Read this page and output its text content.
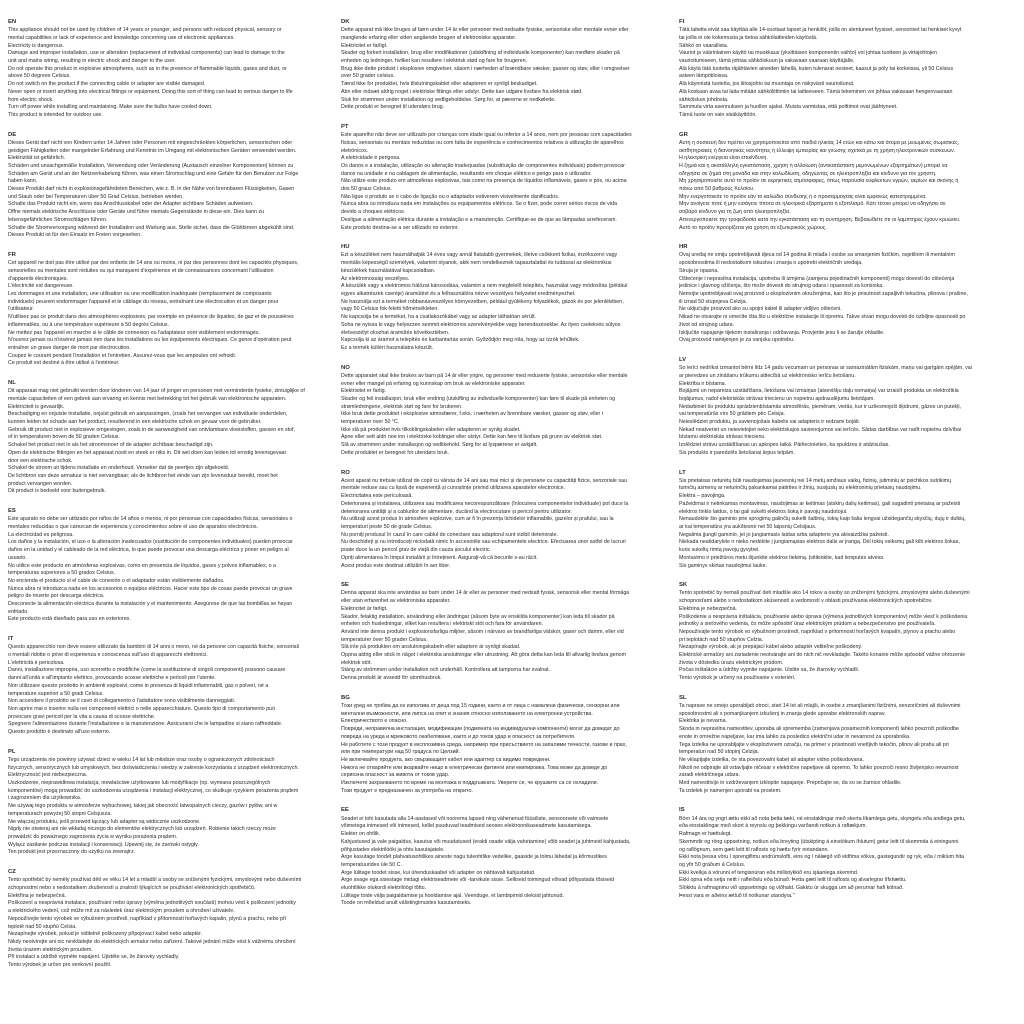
EN
This appliance should not be used by children of 14 years or younger, and persons with reduced physical, sensory or
mental capabilities or lack of experience and knowledge concerning use of electronic appliances.
Electricity is dangerous.
Damage and improper installation, use or alteration (replacement of individual components) can lead to damage to the
unit and mains wiring, resulting in electric shock and danger to the user.
Do not operate this product in explosive atmospheres, such as in the presence of flammable liquids, gases and dust, or
above 50 degrees Celsius.
Do not switch on the product if the connecting cable or adapter are visible damaged.
Never open or insert anything into electrical fittings or equipment. Doing this sort of thing can lead to serious danger to life
from electric shock.
Turn off power while installing and maintaining. Make sure the bulbs have cooled down.
This product is intended for outdoor use.
DE
Dieses Gerät darf nicht von Kindern unter 14 Jahren oder Personen mit eingeschränkten körperlichen, sensorischen oder
geistigen Fähigkeiten oder mangelnder Erfahrung und Kenntnis im Umgang mit elektronischen Geräten verwendet werden.
Elektrizität ist gefährlich.
Schäden und unsachgemäße Installation, Verwendung oder Veränderung (Austausch einzelner Komponenten) können zu
Schäden am Gerät und an der Netzverkabelung führen, was einen Stromschlag und eine Gefahr für den Benutzer zur Folge
haben kann.
Dieses Produkt darf nicht in explosionsgefährdeten Bereichen, wie z. B. in der Nähe von brennbaren Flüssigkeiten, Gasen
und Staub oder bei Temperaturen über 50 Grad Celsius, betrieben werden.
Schalte das Produkt nicht ein, wenn das Anschlusskabel oder der Adapter sichtbare Schäden aufweisen.
Öffne niemals elektrische Anschlüsse oder Geräte und führe niemals Gegenstände in diese ein. Dies kann zu
lebensgefährlichen Stromschlägen führen.
Schalte die Stromversorgung während der Installation und Wartung aus. Stelle sicher, dass die Glühbirnen abgekühlt sind.
Dieses Produkt ist für den Einsatz im Freien vorgesehen.
FR
Cet appareil ne doit pas être utilisé par des enfants de 14 ans ou moins, ni par des personnes dont les capacités physiques,
sensorielles ou mentales sont réduites ou qui manquent d'expérience et de connaissances concernant l'utilisation
d'appareils électroniques.
L'électricité est dangereuse.
Les dommages et une installation, une utilisation ou une modification inadéquate (remplacement de composants
individuels) peuvent endommager l'appareil et le câblage du réseau, entraînant une électrocution et un danger pour
l'utilisateur.
N'utilisez pas ce produit dans des atmosphères explosives, par exemple en présence de liquides, de gaz et de poussières
inflammables, ou à une température supérieure à 50 degrés Celsius.
Ne mettez pas l'appareil en marche si le câble de connexion ou l'adaptateur sont visiblement endommagés.
N'ouvrez jamais ou n'insérez jamais rien dans les installations ou les équipements électriques. Ce genre d'opération peut
entraîner un grave danger de mort par électrocution.
Coupez le courant pendant l'installation et l'entretien. Assurez-vous que les ampoules ont refroidi.
Ce produit est destiné à être utilisé à l'extérieur.
NL
Dit apparaat mag niet gebruikt worden door kinderen van 14 jaar of jonger en personen met verminderde fysieke, zintuiglijke of
mentale capaciteiten of een gebrek aan ervaring en kennis met betrekking tot het gebruik van elektronische apparaten.
Elektriciteit is gevaarlijk.
Beschadiging en onjuiste installatie, onjuist gebruik en aanpassingen, (zoals het vervangen van individuele onderdelen,
kunnen leiden tot schade aan het product, resulterend in een elektrische schok en gevaar voor de gebruiker.
Gebruik dit product niet in explosieve omgevingen, zoals in de aanwezigheid van ontvlambare vloeistoffen, gassen en stof,
of in temperaturen boven de 50 graden Celsius.
Schakel het product niet in als het stroomsnoer of de adapter zichtbaar beschadigd zijn.
Open de elektrische fittingen en het apparaat nooit en steek er niks in. Dit wel doen kan leiden tot ernstig levensgevaar
door een elektrische schok.
Schakel de stroom uit tijdens installatie en onderhoud. Verseker dat de peertjes zijn afgekoeld.
De lichtbron van deze armatuur is niet vervangbaar; als de lichtbron het einde van zijn levensduur bereikt, moet het
product vervangen worden.
Dit product is bedoeld voor buitengebruik.
ES
Este aparato no debe ser utilizado por niños de 14 años o menos, ni por personas con capacidades físicas, sensoriales o
mentales reducidas o que carezcan de experiencia y conocimientos sobre el uso de aparatos electrónicos.
La electricidad es peligrosa.
Los daños y la instalación, el uso o la alteración inadecuados (sustitución de componentes individuales) pueden provocar
daños en la unidad y el cableado de la red eléctrica, lo que puede provocar una descarga eléctrica y poner en peligro al
usuario.
No utilice este producto en atmósferas explosivas, como en presencia de líquidos, gases y polvos inflamables, o a
temperaturas superiores a 50 grados Celsius.
No encienda el producto si el cable de conexión o el adaptador están visiblemente dañados.
Nunca abra ni introduzca nada en los accesorios o equipos eléctricos. Hacer este tipo de cosas puede provocar un grave
peligro de muerte por descarga eléctrica.
Desconecte la alimentación eléctrica durante la instalación y el mantenimiento. Asegúrese de que las bombillas se hayan
enfriado.
Este producto está diseñado para uso en exteriores.
IT
Questo apparecchio non deve essere utilizzato da bambini di 14 anni o meno, né da persone con capacità fisiche, sensoriali
o mentali ridotte o prive di esperienza e conoscenza sull'uso di apparecchi elettronici.
L'elettricità è pericolosa.
Danni, installazione impropria, uso scorretto o modifiche (come la sostituzione di singoli componenti) possono causare
danni all'unità e all'impianto elettrico, provocando scosse elettriche e pericoli per l'utente.
Non utilizzare questo prodotto in ambienti esplosivi, come in presenza di liquidi infiammabili, gas o polveri, né a
temperature superiori a 50 gradi Celsius.
Non accendere il prodotto se il cavo di collegamento o l'adattatore sono visibilmente danneggiati.
Non aprire mai o inserire nulla nei componenti elettrici o nelle apparecchiature. Questo tipo di comportamento può
provocare gravi pericoli per la vita a causa di scosse elettriche.
Spegnere l'alimentazione durante l'installazione e la manutenzione. Assicurarsi che le lampadine si siano raffreddate.
Questo prodotto è destinato all'uso esterno.
PL
Tego urządzenia nie powinny używać dzieci w wieku 14 lat lub młodsze oraz osoby o ograniczonych zdolnościach
fizycznych, sensorycznych lub umysłowych, bez doświadczenia i wiedzy w zakresie korzystania z urządzeń elektronicznych.
Elektryczność jest niebezpieczna.
Uszkodzenie, nieprawidłowa instalacja, niewłaściwe użytkowanie lub modyfikacje (np. wymiana poszczególnych
komponentów) mogą prowadzić do uszkodzenia urządzenia i instalacji elektrycznej, co skutkuje ryzykiem porażenia prądem
i zagrożeniem dla użytkownika.
Nie używaj tego produktu w atmosferze wybuchowej, takiej jak obecność łatwopalnych cieczy, gazów i pyłów, ani w
temperaturach powyżej 50 stopni Celsjusza.
Nie włączaj produktu, jeśli przewód łączący lub adapter są widocznie uszkodzone.
Nigdy nie otwieraj ani nie wkładaj niczego do elementów elektrycznych lub urządzeń. Robienie takich rzeczy może
prowadzić do poważnego zagrożenia życia w wyniku porażenia prądem.
Wyłącz zasilanie podczas instalacji i konserwacji. Upewnij się, że żarówki ostygły.
Ten produkt jest przeznaczony do użytku na zewnątrz.
CZ
Tento spotřebič by neměly používat děti ve věku 14 let a mladší a osoby se sníženými fyzickými, smyslovými nebo duševními
schopnostmi nebo s nedostatkem zkušeností a znalostí týkajících se používání elektronických spotřebičů.
Elektřina je nebezpečná.
Poškození a nesprávná instalace, používání nebo úpravy (výměna jednotlivých součástí) mohou vést k poškození jednotky
a elektrického vedení, což může mít za následek úraz elektrickým proudem a ohrožení uživatele.
Nepoužívejte tento výrobek ve výbušném prostředí, například v přítomnosti hořlavých kapalin, plynů a prachu, nebo při
teplotě nad 50 stupňů Celsia.
Nezapínejte výrobek, pokud je viditelně poškozený připojovací kabel nebo adaptér.
Nikdy neotvírejte ani nic nevkládejte do elektrických armatur nebo zařízení. Takové jednání může vést k vážnému ohrožení
života úrazem elektrickým proudem.
Při instalaci a údržbě vypněte napájení. Ujistěte se, že žárovky vychladly.
Tento výrobek je určen pro venkovní použití.
DK
Dette apparat må ikke bruges af børn under 14 år eller personer med nedsatte fysiske, sensoriske eller mentale evner eller
manglende erfaring eller viden angående brugen af elektroniske apparater.
Elektricitet er farligt.
Skader og forkert installation, brug eller modifikationer (udskiftning af individuelle komponenter) kan medføre skader på
enheden og ledninger, hvilket kan resultere i elektrisk stød og fare for brugeren.
Brug ikke dette produkt i eksplosive omgivelser, såsom i nærheden af brændbare væsker, gasser og støv, eller i omgivelser
over 50 grader celsius.
Tænd ikke for produktet, hvis tilslutningskablet eller adapteren er synligt beskadiget.
Åbn eller indsæt aldrig noget i elektriske fittings eller udstyr. Dette kan udgøre livsfare fra elektrisk stød.
Sluk for strømmen under installation og vedligeholdelse. Sørg for, at pærerne er nedkølede.
Dette produkt er beregnet til udendørs brug.
PT
Este aparelho não deve ser utilizado por crianças com idade igual ou inferior a 14 anos, nem por pessoas com capacidades
físicas, sensoriais ou mentais reduzidas ou com falta de experiência e conhecimentos relativos à utilização de aparelhos
eletrónicos.
A eletricidade é perigosa.
Os danos e a instalação, utilização ou alteração inadequadas (substituição de componentes individuais) podem provocar
danos na unidade e na cablagem de alimentação, resultando em choque elétrico e perigo para o utilizador.
Não utilize este produto em atmosferas explosivas, tais como na presença de líquidos inflamáveis, gases e pós, ou acima
dos 50 graus Celsius.
Não ligue o produto se o cabo de ligação ou o adaptador estiverem visivelmente danificados.
Nunca abra ou introduza nada em instalações ou equipamentos elétricos. Se o fizer, pode correr sérios riscos de vida
devido a choques elétricos.
Desligue a alimentação elétrica durante a instalação e a manutenção. Certifique-se de que as lâmpadas arrefeceram.
Este produto destina-se a ser utilizado no exterior.
HU
Ezt a készüléket nem használhatják 14 éves vagy annál fiatalabb gyermekek, illetve csökkent fizikai, érzékszervi vagy
mentális képességű személyek, valamint olyanok, akik nem rendelkeznek tapasztalattal és tudással az elektronikus
készülékek használatával kapcsolatban.
Az elektromosság veszélyes.
A készülék vagy a elektromos hálózat károsodása, valamint a nem megfelelő telepítés, használat vagy módosítás (például
egyes alkatrészek cseréje) áramütést és a felhasználóra nézve veszélyes helyzetet eredményezhet.
Ne használja ezt a terméket robbanásveszélyes környezetben, például gyúlékony folyadékok, gázok és por jelenlétében,
vagy 50 Celsius fok feletti hőmérsékleten.
Ne kapcsolja be a terméket, ha a csatlakozókábel vagy az adapter láthatóan sérült.
Soha ne nyissa ki vagy helyezzen semmit elektromos szerelvényekbe vagy berendezésekbe. Az ilyen cselekvés súlyos
életveszélyt okozhat áramütés következtében.
Kapcsolja ki az áramot a telepítés és karbantartás során. Győződjön meg róla, hogy az izzók lehűltek.
Ez a termék kültéri használatra készült.
NO
Dette apparatet skal ikke brukes av barn på 14 år eller yngre, og personer med reduserte fysiske, sensoriske eller mentale
evner eller mangel på erfaring og kunnskap om bruk av elektroniske apparater.
Elektrisitet er farlig.
Skader og feil installasjon, bruk eller endring (utskifting av individuelle komponenter) kan føre til skade på enheten og
strømledningene, elektrisk støt og fare for brukeren.
Ikke bruk dette produktet i eksplosive atmosfærer, f.eks. i nærheten av brennbare væsker, gasser og støv, eller i
temperaturer over 50 °C.
Ikke slå på produktet hvis tilkoblingskabelen eller adapteren er synlig skadet.
Åpne eller sett aldri noe inn i elektriske koblinger eller utstyr. Dette kan føre til livsfare på grunn av elektrisk støt.
Slå av strømmen under installasjon og vedlikehold. Sørg for at lyspærene er avkjølt.
Dette produktet er beregnet for utendørs bruk.
RO
Acest aparat nu trebuie utilizat de copii cu vârsta de 14 ani sau mai mici și de persoane cu capacități fizice, senzoriale sau
mentale reduse sau cu lipsă de experiență și cunoștințe privind utilizarea aparatelor electronice.
Electricitatea este periculoasă.
Deteriorarea și instalarea, utilizarea sau modificarea necorespunzătoare (înlocuirea componentelor individuale) pot duce la
deteriorarea unității și a cablurilor de alimentare, ducând la electrocutare și pericol pentru utilizator.
Nu utilizați acest produs în atmosfere explozive, cum ar fi în prezența lichidelor inflamabile, gazelor și prafului, sau la
temperaturi peste 50 de grade Celsius.
Nu porniți produsul în cazul în care cablul de conectare sau adaptorul sunt vizibil deteriorate.
Nu deschideți și nu introduceți niciodată nimic în accesoriile sau echipamentele electrice. Efectuarea unor astfel de lucruri
poate duce la un pericol grav de viață din cauza șocului electric.
Opriți alimentarea în timpul instalării și întreținerii. Asigurați-vă că becurile s-au răcit.
Acest produs este destinat utilizării în aer liber.
SE
Denna apparat ska inte användas av barn under 14 år eller av personer med nedsatt fysisk, sensorisk eller mental förmåga
eller utan erfarenhet av elektroniska apparater.
Elektricitet är farligt.
Skador, felaktig installation, användning eller ändringar (såsom byte av enskilda komponenter) kan leda till skador på
enheten och husledningar, vilket kan resultera i elektriskt stöt och fara för användaren.
Använd inte denna produkt i explosionsfarliga miljöer, såsom i närvaro av brandfarliga vätskor, gaser och damm, eller vid
temperaturer över 50 grader Celsius.
Slå inte på produkten om anslutningskabeln eller adaptern är synligt skadad.
Öppna aldrig eller stick in något i elektriska anslutningar eller utrustning. Att göra detta kan leda till allvarlig livsfara genom
elektrisk stöt.
Stäng av strömmen under installation och underhåll. Kontrollera att lamporna har svalnat.
Denna produkt är avsedd för utomhusbruk.
BG
Този уред не трябва да се използва от деца под 15 години, както и от лица с намалени физически, сензорни или
ментални възможности, или липса на опит и знания относно използването на електронни устройства.
Електричеството е опасно.
Повреди, неправилна инсталация, модификации (подмяната на индивидуални компоненти) могат да доведат до
повреда на уреда и мрежовото окабеляване, както и до токов удар и опасност за потребителя.
Не работете с този продукт в експлозивна среда, например при присъствието на запалими течности, газове и прах,
или при температури над 50 градуса по Целзий.
Не включвайте продукта, ако свързващият кабел или адаптер са видимо повредени.
Никога не отваряйте или вкарвайте нищо в електрически фитинги или екипировка. Това може да доведе до
сериозна опасност за живота от токов удар.
Изключете захранването по време на монтажа и поддръжката. Уверете се, че крушките са се охладили.
Този продукт е предназначен за употреба на открито.
EE
Seadet ei tohi kasutada alla 14-aastased või noorema lapsed ning vähenenud füüsiliste, sensoorsete või vaimsete
võimetega inimesed või inimesed, kellel puuduvad teadmised seoses elektroonikaseadmete kasutamisega.
Elekter on ohtlik.
Kahjustused ja vale paigaldus, kasutus või muudatused (eraldi osade välja vahetamine) võib seadet ja juhtmeid kahjustada,
põhjustades elektrilööki ja ohtu kasutajatele.
Ärge kasutage toodet plahvatusohtlikes aineste nagu tuleohtlike vedelike, gaaside ja tolmu lähedal ja kõrmustikes
temperatuurides üle 50 C.
Ärge lülitage toodet sisse, kui ühenduskaabel või adapter on nähtavalt kahjustatud.
Ärge avage ega sisestage midagi elektriseadmete või -tarvikute sisse. Selliseid toimingud võivad põhjustada tõsiseid
eluohtlikke olukordi elektrilöögi tõttu.
Lülitage toide välja paigaldamise ja hooldamise ajal. Veenduge, et lambipirnid oleksid jahtunud.
Toode on mõeldud anult välistingimustes kasutamiseks.
FI
Tätä laitetta eivät saa käyttää alle 14-vuotiaat lapset ja henkilöt, joilla on alentuneet fyysiset, sensoriset tai henkiset kyvyt
tai joilla ei ole kokemusta ja tietoa sähkölaitteiden käytöstä.
Sähkö on vaarallista.
Vauriot ja väärinlainen käyttö tai muokkaus (yksittäisen komponentin vaihto) voi johtaa tuotteen ja virtajohtojen
vaurioitumiseen, tämä johtaa sähköiskuun ja vakavaan vaaraan käyttäjälle.
Älä käytä tätä tuotetta räjähtävien aineiden lähellä, kuten tulenarat nesteet, kaasut ja pöly tai korkeissa, yli 50 Celsius
asteen lämpötiloissa.
Älä käynnistä tuotetta, jos liitosjohto tai muuntaja on näkyvästi vaurioitunut.
Älä koskaan avaa tai laita mitään sähköliittimiin tai laitteeseen. Tämä tekeminen voi johtaa vakavaan hengenvaaraan
sähköiskun johdosta.
Sammuta virta asennuksen ja huollon ajaksi. Muista varmistaa, että polttimot ovat jäähtyneet.
Tämä tuote on vain sisäkäyttöön.
GR
Αυτή η συσκευή δεν πρέπει να χρησιμοποιείται από παιδιά ηλικίας 14 ετών και κάτω και άτομα με μειωμένες σωματικές,
αισθητηριακές ή διανοητικές ικανότητες ή έλλειψη εμπειρίας και γνώσης σχετικά με τη χρήση ηλεκτρονικών συσκευών.
Η ηλεκτρική ενέργεια είναι επικίνδυνη.
Η ζημιά και η ακατάλληλη εγκατάσταση, χρήση ή αλλοίωση (αντικατάσταση μεμονωμένων εξαρτημάτων) μπορεί να
οδηγήσει σε ζημιά στη μονάδα και στην καλωδίωση, οδηγώντας σε ηλεκτροπληξία και κίνδυνο για τον χρήστη.
Μη χρησιμοποιείτε αυτό το προϊόν σε εκρηκτικές ατμόσφαιρες, όπως παρουσία εύφλεκτων υγρών, αερίων και σκόνης ή
πάνω από 50 βαθμούς Κελσίου.
Μην ενεργοποιείτε το προϊόν εάν το καλώδιο σύνδεσης ή ο προσαρμογέας είναι εμφανώς κατεστραμμένα.
Μην ανοίγετε ποτέ ή μην εισάγετε τίποτα σε ηλεκτρικά εξαρτήματα ή εξοπλισμό. Κάτι τέτοιο μπορεί να οδηγήσει σε
σοβαρό κίνδυνο για τη ζωή από ηλεκτροπληξία.
Απενεργοποιείτε την τροφοδοσία κατά την εγκατάσταση και τη συντήρηση. Βεβαιωθείτε ότι οι λαμπτήρες έχουν κρυώσει.
Αυτό το προϊόν προορίζεται για χρήση σε εξωτερικούς χώρους.
HR
Ovaj uređaj ne smiju upotrebljavati djeca od 14 godina ili mlađa i osobe sa smanjenim fizičkim, osjetilnim ili mentalnim
sposobnostima ili nedostatkom iskustva i znanja o upotrebi električnih uređaja.
Struja je opasna.
Oštećenje i nepravilna instalacija, upotreba ili izmjena (zamjena pojedinačnih komponenti) mogu dovesti do oštećenja
jedinice i glavnog ožičenja, što može dovesti do strujnog udara i opasnosti za korisnika.
Nemojte upotrebljavati ovaj proizvod u eksplozivnim okruženjima, kao što je prisutnost zapaljivih tekućina, plinova i prašine,
ili iznad 50 stupnjeva Celzija.
Ne uključujte proizvod ako su spojni kabel ili adapter vidljivo oštećeni.
Nikad ne otvarajte ni umećite išta što u električne instalacije ili opremu. Takve stvari mogu dovesti do ozbiljne opasnosti po
život od strujnog udara.
Isključite napajanje tijekom instaliranja i održavanja. Provjerite jesu li se žarulje ohladile.
Ovaj proizvod namijenjen je za vanjsku upotrebu.
LV
Šo ierīci nedrīkst izmantot bērni līdz 14 gadu vecumam un personas ar samazinātām fiziskām, maņu vai garīgām spējām, vai
ar pieredzes un zināšanu trūkumu attiecībā uz elektronisko ierīču lietošanu.
Elektrība ir bīstama.
Bojājumi un nepareiza uzstādīšana, lietošana vai izmaiņas (atsevišķu daļu nomaiņa) var izraisīt produkta un elektrotīkla
bojājumus, radot elektriskās strāvas triecienu un nopietnu apdraudējumu lietotājam.
Nedarbiniet šo produktu sprādzienbīstamās atmosfērās, piemēram, vietās, kur ir uzliesmojoši šķidrumi, gāzes un putekļi,
vai temperatūrās virs 50 grādiem pēc Celsija.
Neieslēdziet produktu, ja savienojošais kabelis vai adapteris ir redzami bojāti.
Nekad neatveriet un neievietojiet neko elektriskajos savienojumos vai ierīcēs. Šādas darbības var radīt nopietnu dzīvībai
bīstamu elektriskās strāvas triecienu.
Izslēdziet strāvu uzstādīšanas un apkopes laikā. Pārliecinieties, ka spuldzes ir atdzisušas.
Šis produkts ir paredzēts lietošanai ārpus telpām.
LT
Šis prietaisas neturėtų būti naudojamas jaunesnių nei 14 metų amžiaus vaikų, fizinių, jutiminių ar psichikos sutrikimų
turinčių asmenų ar neturinčių pakankamai patirties ir žinių, susijusių su elektroninių prietaisų naudojimu.
Elektra – pavojinga.
Pažeidimai ir netinkamas montavimas, naudojimas ar keitimas (atskirų dalių keitimas), gali sugadinti prietaisą ar pažeisti
elektros tinklo laidus, o tai gali sukelti elektros šoką ir pavojų naudotojui.
Nenaudokite šio gaminio prie sprogimų galinčių sukelti šaltinių, tokių kaip šalia lengvai užsidegančių skysčių, dujų ir dulkių,
ar kai temperatūra yra aukštesnė nei 50 laipsnių Celsijaus.
Negalima įjungti gaminio, jei jo jungiamasis laidas arba adapteris yra akivaizdžiai pažeisti.
Niekada neatidarykite ir nieko nedėkite į jungiamąsias elektros dalis ar įrangą. Dėl tokių veiksmų gali kilti elektros šokas,
kuris sukeltų rimtą pavojų gyvybei.
Montavimo ir priežiūros metu išjunkite elektros tiekimą. Įsitikinkite, kad lemputės atvėso.
Šis gaminys skirtas naudojimui lauke.
SK
Tento spotrebič by nemali používať deti mladšie ako 14 rokov a osoby so zníženými fyzickými, zmyslovými alebo duševnými
schopnosťami alebo s nedostatkom skúseností a vedomostí v oblasti používania elektronických spotrebičov.
Elektrina je nebezpečná.
Poškodenie a nesprávna inštalácia, používanie alebo úprava (výmena jednotlivých komponentov) môže viesť k poškodeniu
jednotky a sieťového vedenia, čo môže spôsobiť úraz elektrickým prúdom a nebezpečenstvo pre používateľa.
Nepoužívajte tento výrobok vo výbušnom prostredí, napríklad v prítomnosti horľavých kvapalín, plynov a prachu alebo
pri teplotách nad 50 stupňov Celzia.
Nezapínajte výrobok, ak je prepájací kábel alebo adaptér viditeľne poškodený.
Elektrické armatúry ani zariadenie neotvárajte ani do nich nič nevkladajte. Takéto konanie môže spôsobiť vážne ohrozenie
života v dôsledku úrazu elektrickým prúdom.
Počas inštalácie a údržby vypnite napájanie. Uistite sa, že žiarovky vychladli.
Tento výrobok je určený na používanie v exteriéri.
SL
Ta naprave ne smejo uporabljati otroci, stari 14 let ali mlajši, in osebe z zmanjšanimi fizičnimi, senzoričnimi ali duševnimi
sposobnostmi ali s pomanjkanjem izkušenj in znanja glede uporabe elektronskih naprav.
Elektrika je nevarna.
Škoda in nepravilna namestitev, uporaba ali sprememba (zamenjava posameznih komponent) lahko povzroči poškodbe
enote in omrežne napeljave, kar ima lahko za posledico električni udar in nevarnost za uporabnika.
Tega izdelka ne uporabljajte v eksplozivnem ozračju, na primer v prisotnosti vnetljivih tekočin, plinov ali prahu ali pri
temperaturi nad 50 stopinj Celzija.
Ne vklapljajte izdelka, če sta povezovalni kabel ali adapter vidno poškodovana.
Nikoli ne odpirajte ali vstavljajte ničesar v električne napeljave ali opremo. To lahko povzroči resno življenjsko nevarnost
zaradi električnega udara.
Med namestitvijo in vzdrževanjem izklopite napajanje. Prepričajte se, da so se žarnice ohladile.
Ta izdelek je namenjen uporabi na prostem.
IS
Börn 14 ára og yngri ættu ekki að nota þetta tæki, né einstaklingar með skerta líkamlega getu, skyngetu eða andlega getu,
eða einstaklingar með skort á reynslu og þekkingu varðandi notkun á raftækjum.
Rafmagn er hættulegt.
Skemmdir og röng uppsetning, notkun eða breyting (útskipting á einstökum íhlutum) getur leitt til skemmda á einingunni
og raflögnum, sem gæti leitt til raflosts og hættu fyrir notandann.
Ekki nota þessa vöru í sprengifimu andrúmslofti, eins og í nálægð við eldfima vökva, gastegundir og ryk, eða í miklum hita
og yfir 50 gráðum á Celsíus.
Ekki kveikja á vörunni ef tengisnúran eða millistykkið eru sjáanlega skemmd.
Ekki opna eða setja neitt í rafleiðslu eða búnað. Þetta gæti leitt til raflosts og alvarlegrar lífshættu.
Slökktu á rafmagninu við uppsetningu og viðhald. Gakktu úr skugga um að perurnar hafi kólnað.
Þessi vara er aðeins ætluð til notkunar utandyra."
